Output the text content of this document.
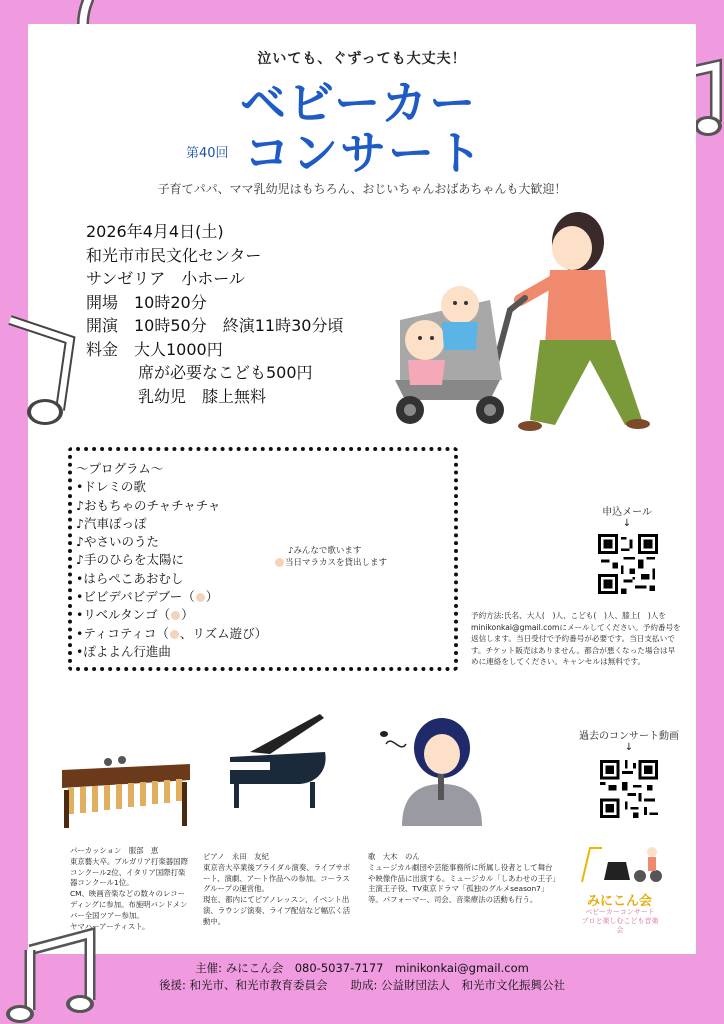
泣いても、ぐずっても大丈夫！
第40回
ベビーカー
コンサート
子育てパパ、ママ乳幼児はもちろん、おじいちゃんおばあちゃんも大歓迎！
2026年4月4日(土)
和光市市民文化センター
サンゼリア　小ホール
開場　10時20分
開演　10時50分　終演11時30分頃
料金　大人1000円
席が必要なこども500円
乳幼児　膝上無料
～プログラム～
•ドレミの歌
♪おもちゃのチャチャチャ
♪汽車ぽっぽ
♪やさいのうた
♪手のひらを太陽に
•はらぺこあおむし
•ビビデバビデブー（ ）
•リベルタンゴ（ ）
•ティコティコ（ 、リズム遊び）
•ぽよよん行進曲
♪みんなで歌います
当日マラカスを貸出します
申込メール
↓
予約方法:氏名、大人(　)人、こども(　)人、膝上(　)人をminikonkai@gmail.comにメールしてください。予約番号を返信します。当日受付で予約番号が必要です。当日支払いです。チケット販売はありません。都合が悪くなった場合は早めに連絡をしてください。キャンセルは無料です。
過去のコンサート動画
↓
パーカッション　服部　恵
東京藝大卒。ブルガリア打楽器国際コンクール2位、イタリア国際打楽器コンクール1位。
CM、映画音楽などの数々のレコーディングに参加。布施明バンドメンバー全国ツアー参加。
ヤマハーアーティスト。
ピアノ　永田　友紀
東京音大卒業後ブライダル演奏、ライブサポート、演劇、アート作品への参加。コーラスグループの運営他。
現在、都内にてピアノレッスン、イベント出演、ラウンジ演奏、ライブ配信など幅広く活動中。
歌　大木　のん
ミュージカル劇団や芸能事務所に所属し役者として舞台や映像作品に出演する。ミュージカル「しあわせの王子」主演王子役、TV東京ドラマ「孤独のグルメseason7」等。パフォーマー、司会、音楽療法の活動も行う。	みにこん会
ベビーカーコンサート
プロと楽しむこども音楽会
主催: みにこん会　080-5037-7177　minikonkai@gmail.com
後援: 和光市、和光市教育委員会　　助成: 公益財団法人　和光市文化振興公社
